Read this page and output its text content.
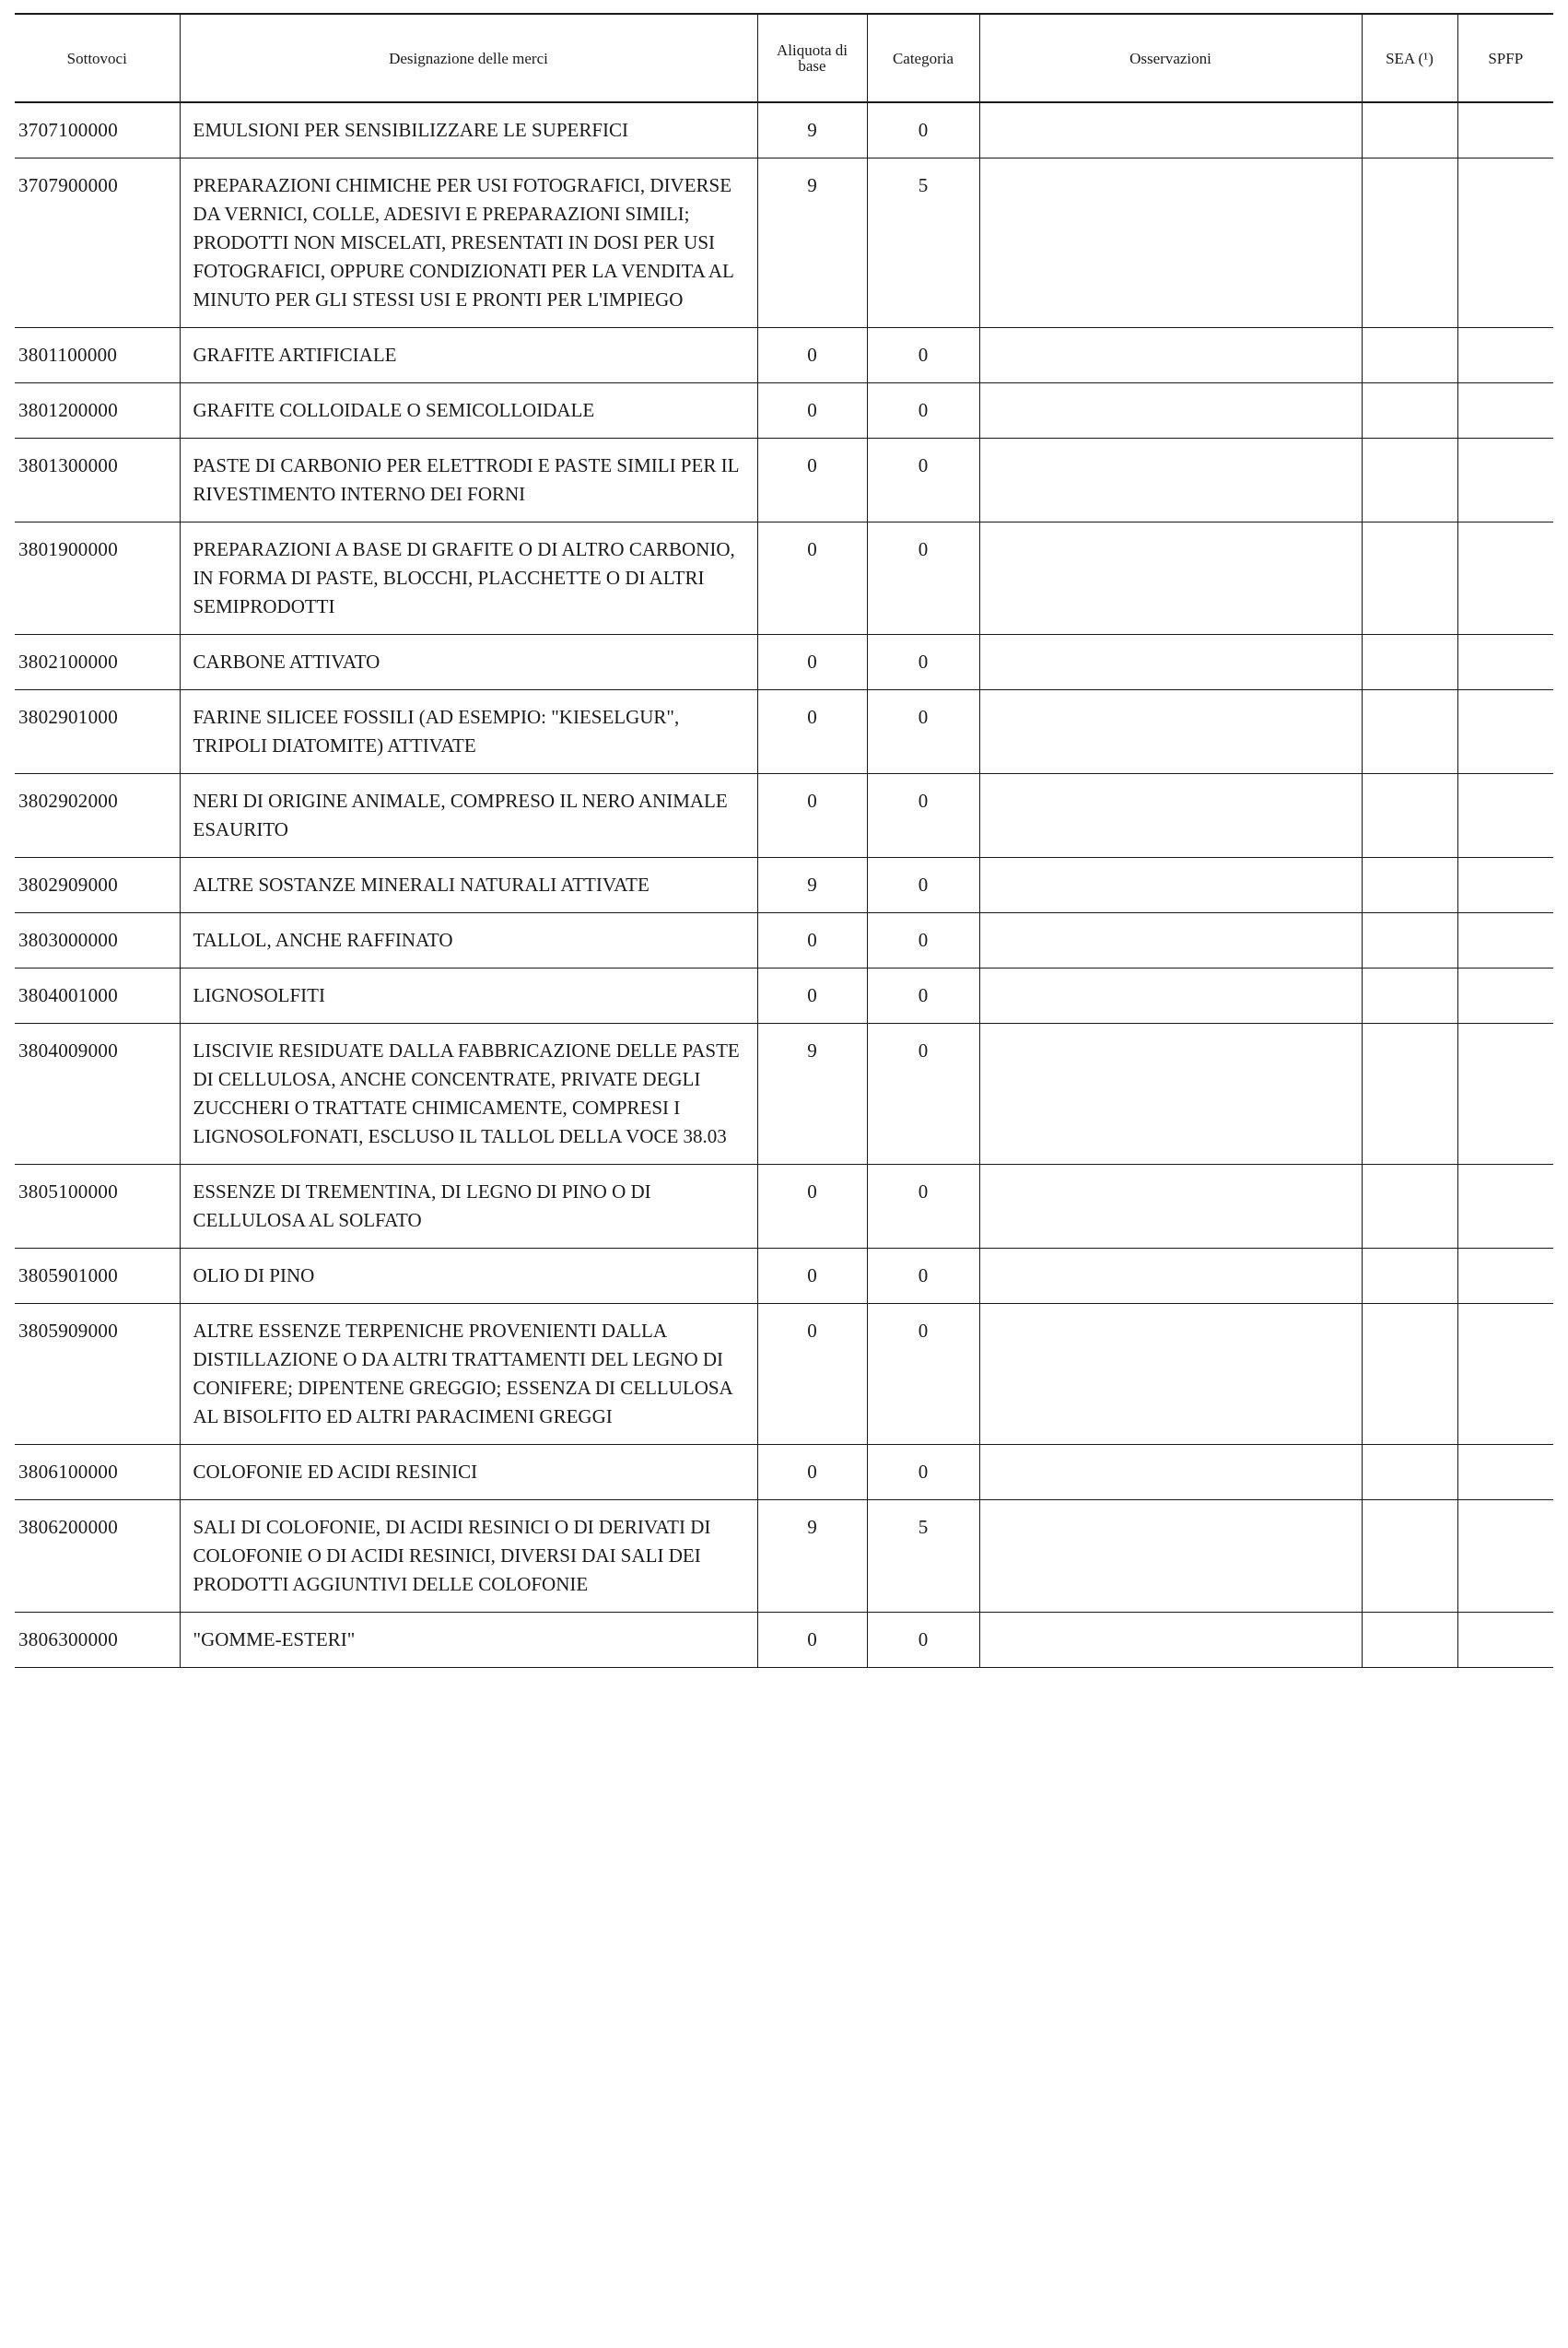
Sottovoci	Designazione delle merci	Aliquota di base	Categoria	Osservazioni	SEA (¹)	SPFP
3707100000	EMULSIONI PER SENSIBILIZZARE LE SUPERFICI	9	0			
3707900000	PREPARAZIONI CHIMICHE PER USI FOTOGRAFICI, DIVERSE DA VERNICI, COLLE, ADESIVI E PREPARAZIONI SIMILI; PRODOTTI NON MISCELATI, PRESENTATI IN DOSI PER USI FOTOGRAFICI, OPPURE CONDIZIONATI PER LA VENDITA AL MINUTO PER GLI STESSI USI E PRONTI PER L'IMPIEGO	9	5			
3801100000	GRAFITE ARTIFICIALE	0	0			
3801200000	GRAFITE COLLOIDALE O SEMICOLLOIDALE	0	0			
3801300000	PASTE DI CARBONIO PER ELETTRODI E PASTE SIMILI PER IL RIVESTIMENTO INTERNO DEI FORNI	0	0			
3801900000	PREPARAZIONI A BASE DI GRAFITE O DI ALTRO CARBONIO, IN FORMA DI PASTE, BLOCCHI, PLACCHETTE O DI ALTRI SEMIPRODOTTI	0	0			
3802100000	CARBONE ATTIVATO	0	0			
3802901000	FARINE SILICEE FOSSILI (AD ESEMPIO: "KIESELGUR", TRIPOLI DIATOMITE) ATTIVATE	0	0			
3802902000	NERI DI ORIGINE ANIMALE, COMPRESO IL NERO ANIMALE ESAURITO	0	0			
3802909000	ALTRE SOSTANZE MINERALI NATURALI ATTIVATE	9	0			
3803000000	TALLOL, ANCHE RAFFINATO	0	0			
3804001000	LIGNOSOLFITI	0	0			
3804009000	LISCIVIE RESIDUATE DALLA FABBRICAZIONE DELLE PASTE DI CELLULOSA, ANCHE CONCENTRATE, PRIVATE DEGLI ZUCCHERI O TRATTATE CHIMICAMENTE, COMPRESI I LIGNOSOLFONATI, ESCLUSO IL TALLOL DELLA VOCE 38.03	9	0			
3805100000	ESSENZE DI TREMENTINA, DI LEGNO DI PINO O DI CELLULOSA AL SOLFATO	0	0			
3805901000	OLIO DI PINO	0	0			
3805909000	ALTRE ESSENZE TERPENICHE PROVENIENTI DALLA DISTILLAZIONE O DA ALTRI TRATTAMENTI DEL LEGNO DI CONIFERE; DIPENTENE GREGGIO; ESSENZA DI CELLULOSA AL BISOLFITO ED ALTRI PARACIMENI GREGGI	0	0			
3806100000	COLOFONIE ED ACIDI RESINICI	0	0			
3806200000	SALI DI COLOFONIE, DI ACIDI RESINICI O DI DERIVATI DI COLOFONIE O DI ACIDI RESINICI, DIVERSI DAI SALI DEI PRODOTTI AGGIUNTIVI DELLE COLOFONIE	9	5			
3806300000	"GOMME-ESTERI"	0	0			
